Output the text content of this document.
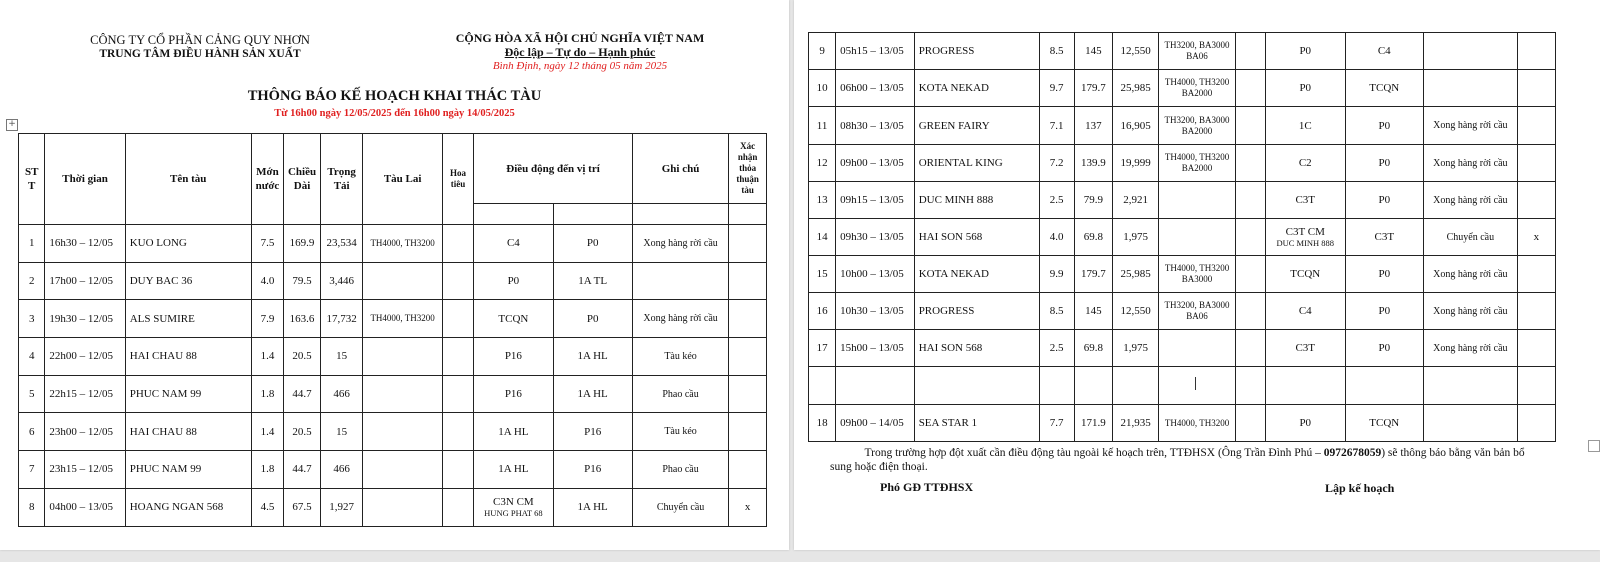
CÔNG TY CỔ PHẦN CẢNG QUY NHƠN
TRUNG TÂM ĐIỀU HÀNH SẢN XUẤT
CỘNG HÒA XÃ HỘI CHỦ NGHĨA VIỆT NAM
Độc lập – Tự do – Hạnh phúc
Bình Định, ngày 12 tháng 05 năm 2025
THÔNG BÁO KẾ HOẠCH KHAI THÁC TÀU
Từ 16h00 ngày 12/05/2025 đến 16h00 ngày 14/05/2025
+
ST T	Thời gian	Tên tàu	Mớn nước	Chiều Dài	Trọng Tải	Tàu Lai	Hoa tiêu	Điều động đến vị trí		Ghi chú	Xác nhận thỏa thuận tàu

1	16h30 – 12/05	KUO LONG	7.5	169.9	23,534	TH4000, TH3200		C4	P0	Xong hàng rời cầu	
2	17h00 – 12/05	DUY BAC 36	4.0	79.5	3,446			P0	1A TL		
3	19h30 – 12/05	ALS SUMIRE	7.9	163.6	17,732	TH4000, TH3200		TCQN	P0	Xong hàng rời cầu	
4	22h00 – 12/05	HAI CHAU 88	1.4	20.5	15			P16	1A HL	Tàu kéo	
5	22h15 – 12/05	PHUC NAM 99	1.8	44.7	466			P16	1A HL	Phao cầu	
6	23h00 – 12/05	HAI CHAU 88	1.4	20.5	15			1A HL	P16	Tàu kéo	
7	23h15 – 12/05	PHUC NAM 99	1.8	44.7	466			1A HL	P16	Phao cầu	
8	04h00 – 13/05	HOANG NGAN 568	4.5	67.5	1,927			C3N CM
HUNG PHAT 68	1A HL	Chuyển cầu	x
9	05h15 – 13/05	PROGRESS	8.5	145	12,550	TH3200, BA3000 BA06		P0	C4		
10	06h00 – 13/05	KOTA NEKAD	9.7	179.7	25,985	TH4000, TH3200 BA2000		P0	TCQN		
11	08h30 – 13/05	GREEN FAIRY	7.1	137	16,905	TH3200, BA3000 BA2000		1C	P0	Xong hàng rời cầu	
12	09h00 – 13/05	ORIENTAL KING	7.2	139.9	19,999	TH4000, TH3200 BA2000		C2	P0	Xong hàng rời cầu	
13	09h15 – 13/05	DUC MINH 888	2.5	79.9	2,921			C3T	P0	Xong hàng rời cầu	
14	09h30 – 13/05	HAI SON 568	4.0	69.8	1,975			C3T CM
DUC MINH 888	C3T	Chuyển cầu	x
15	10h00 – 13/05	KOTA NEKAD	9.9	179.7	25,985	TH4000, TH3200 BA3000		TCQN	P0	Xong hàng rời cầu	
16	10h30 – 13/05	PROGRESS	8.5	145	12,550	TH3200, BA3000 BA06		C4	P0	Xong hàng rời cầu	
17	15h00 – 13/05	HAI SON 568	2.5	69.8	1,975			C3T	P0	Xong hàng rời cầu	

18	09h00 – 14/05	SEA STAR 1	7.7	171.9	21,935	TH4000, TH3200		P0	TCQN		
Trong trường hợp đột xuất cần điều động tàu ngoài kế hoạch trên, TTĐHSX (Ông Trần Đình Phú – 0972678059) sẽ thông báo bằng văn bản bổ sung hoặc điện thoại.
Phó GĐ TTĐHSX	Lập kế hoạch
